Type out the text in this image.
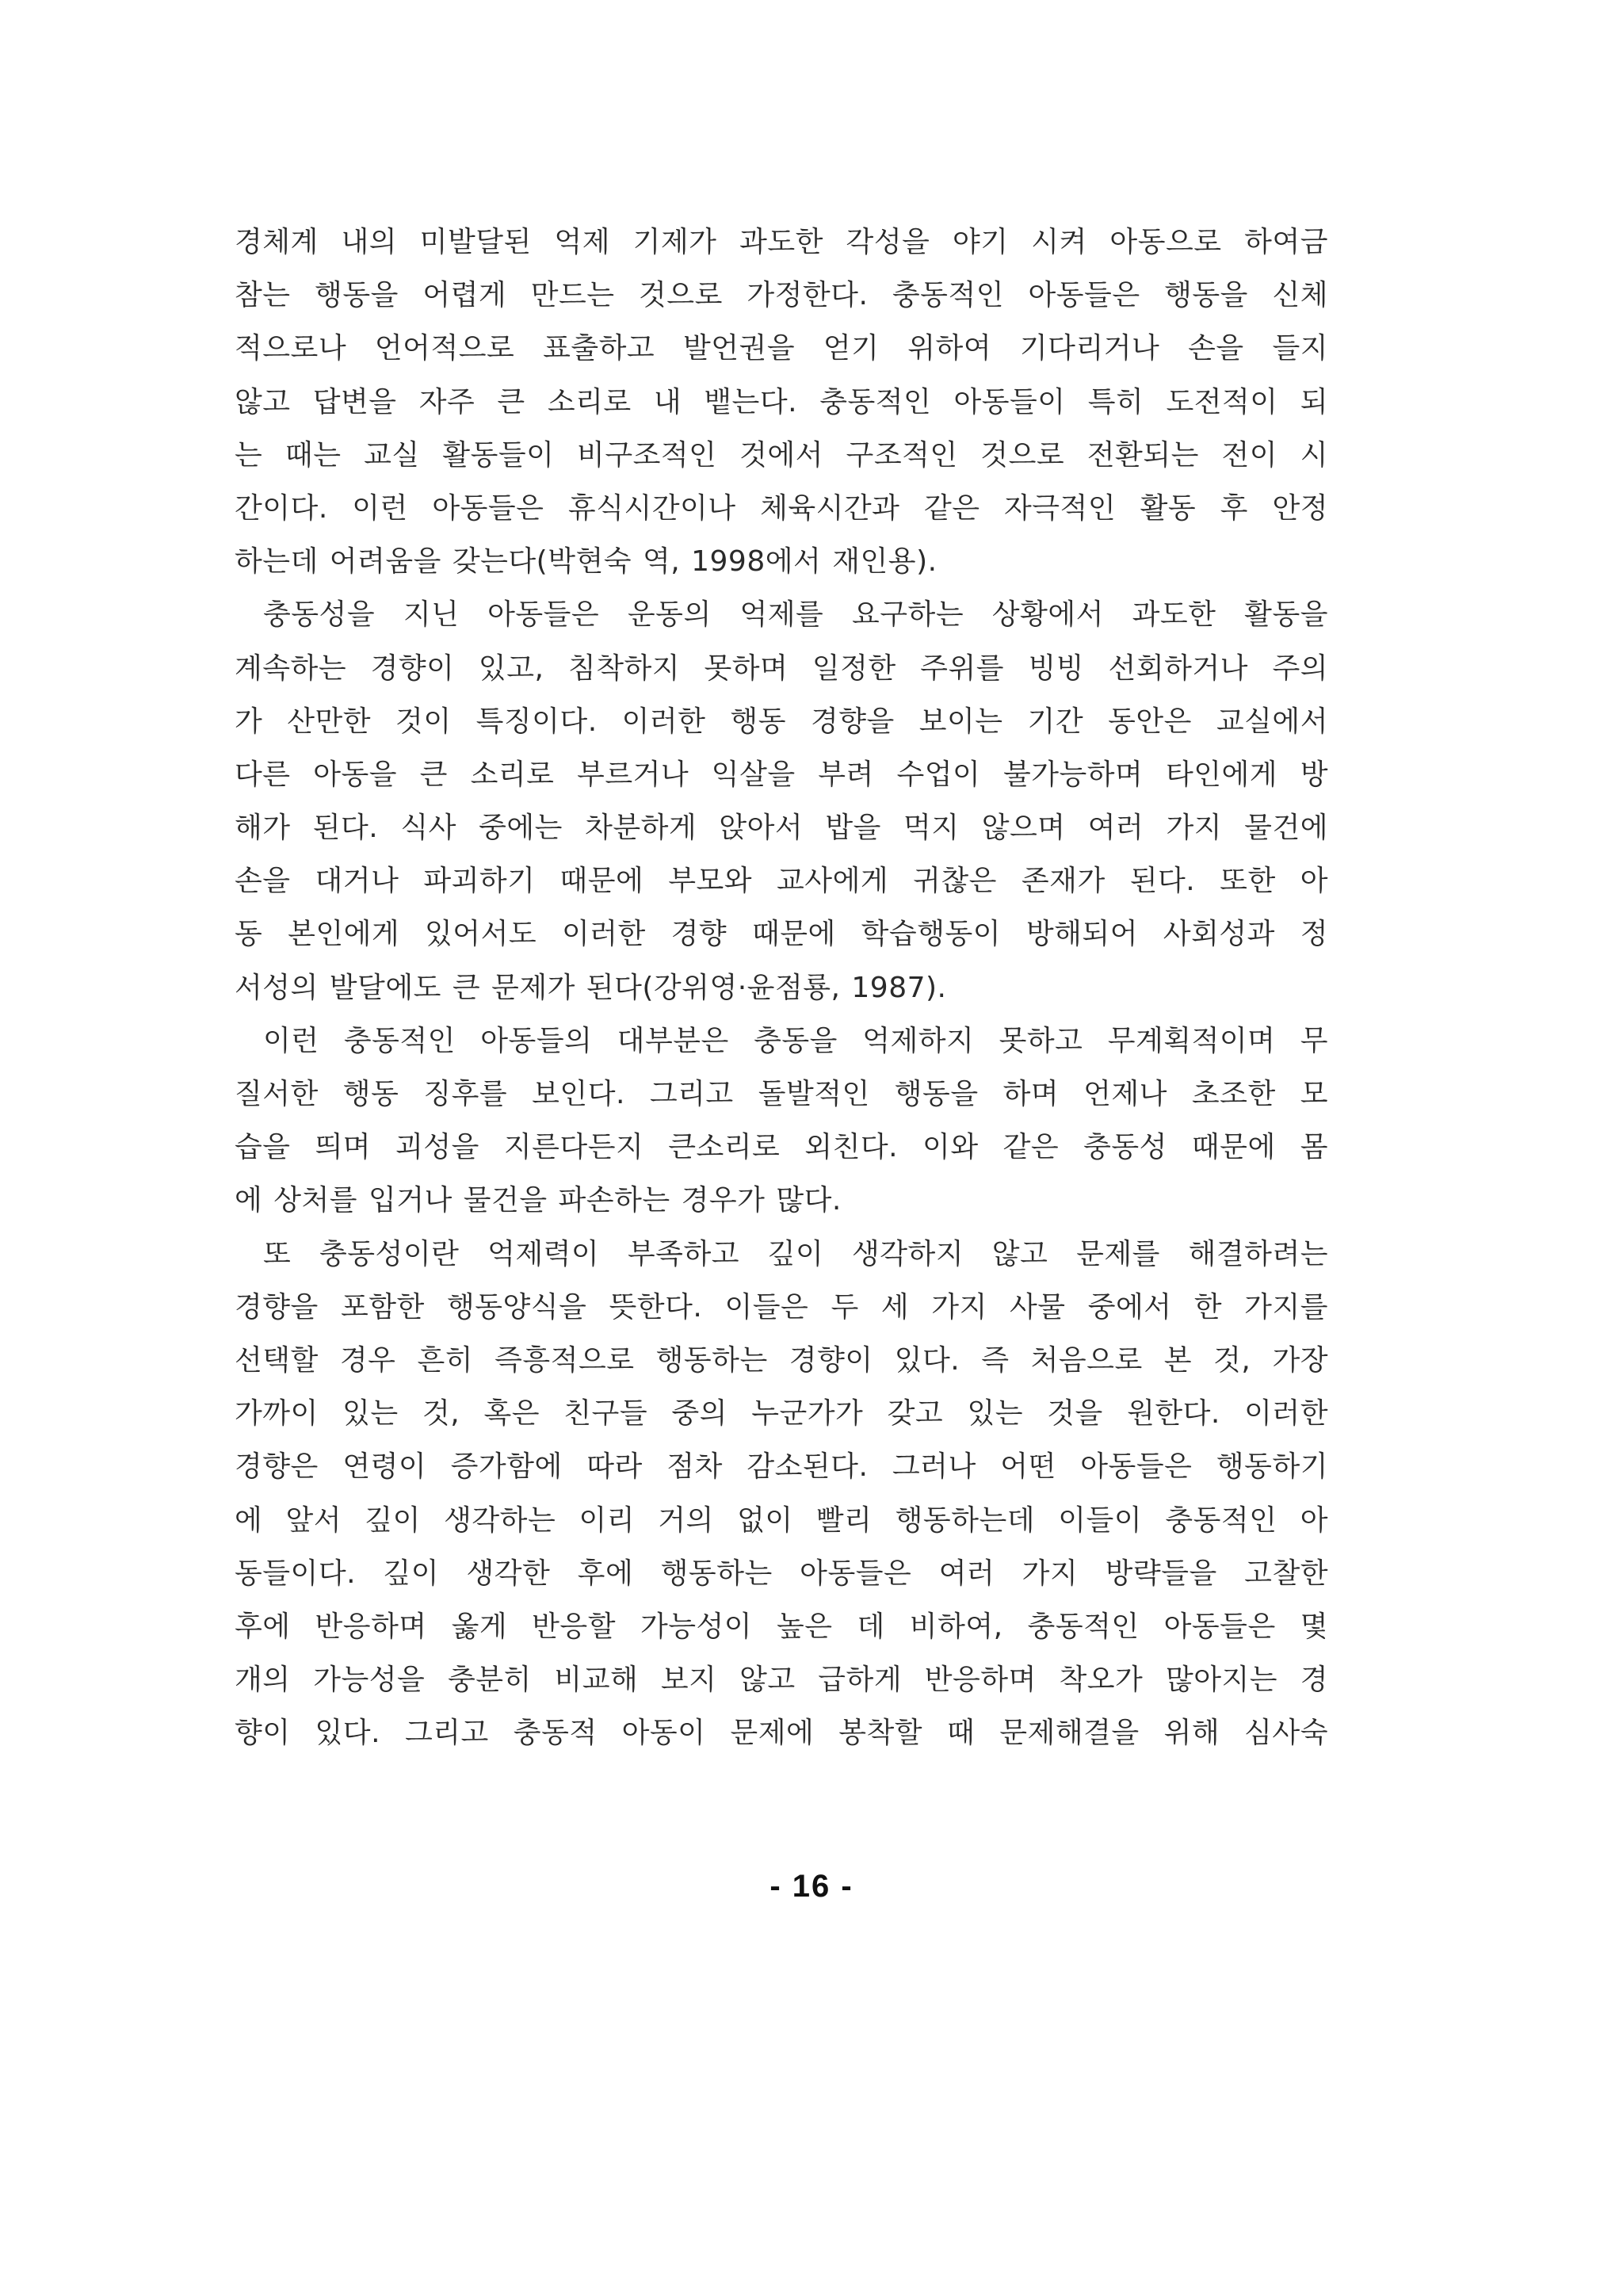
경체계 내의 미발달된 억제 기제가 과도한 각성을 야기 시켜 아동으로 하여금
참는 행동을 어렵게 만드는 것으로 가정한다. 충동적인 아동들은 행동을 신체
적으로나 언어적으로 표출하고 발언권을 얻기 위하여 기다리거나 손을 들지
않고 답변을 자주 큰 소리로 내 뱉는다. 충동적인 아동들이 특히 도전적이 되
는 때는 교실 활동들이 비구조적인 것에서 구조적인 것으로 전환되는 전이 시
간이다. 이런 아동들은 휴식시간이나 체육시간과 같은 자극적인 활동 후 안정
하는데 어려움을 갖는다(박현숙 역, 1998에서 재인용).
충동성을 지닌 아동들은 운동의 억제를 요구하는 상황에서 과도한 활동을
계속하는 경향이 있고, 침착하지 못하며 일정한 주위를 빙빙 선회하거나 주의
가 산만한 것이 특징이다. 이러한 행동 경향을 보이는 기간 동안은 교실에서
다른 아동을 큰 소리로 부르거나 익살을 부려 수업이 불가능하며 타인에게 방
해가 된다. 식사 중에는 차분하게 앉아서 밥을 먹지 않으며 여러 가지 물건에
손을 대거나 파괴하기 때문에 부모와 교사에게 귀찮은 존재가 된다. 또한 아
동 본인에게 있어서도 이러한 경향 때문에 학습행동이 방해되어 사회성과 정
서성의 발달에도 큰 문제가 된다(강위영·윤점룡, 1987).
이런 충동적인 아동들의 대부분은 충동을 억제하지 못하고 무계획적이며 무
질서한 행동 징후를 보인다. 그리고 돌발적인 행동을 하며 언제나 초조한 모
습을 띄며 괴성을 지른다든지 큰소리로 외친다. 이와 같은 충동성 때문에 몸
에 상처를 입거나 물건을 파손하는 경우가 많다.
또 충동성이란 억제력이 부족하고 깊이 생각하지 않고 문제를 해결하려는
경향을 포함한 행동양식을 뜻한다. 이들은 두 세 가지 사물 중에서 한 가지를
선택할 경우 흔히 즉흥적으로 행동하는 경향이 있다. 즉 처음으로 본 것, 가장
가까이 있는 것, 혹은 친구들 중의 누군가가 갖고 있는 것을 원한다. 이러한
경향은 연령이 증가함에 따라 점차 감소된다. 그러나 어떤 아동들은 행동하기
에 앞서 깊이 생각하는 이리 거의 없이 빨리 행동하는데 이들이 충동적인 아
동들이다. 깊이 생각한 후에 행동하는 아동들은 여러 가지 방략들을 고찰한
후에 반응하며 옳게 반응할 가능성이 높은 데 비하여, 충동적인 아동들은 몇
개의 가능성을 충분히 비교해 보지 않고 급하게 반응하며 착오가 많아지는 경
향이 있다. 그리고 충동적 아동이 문제에 봉착할 때 문제해결을 위해 심사숙
- 16 -
